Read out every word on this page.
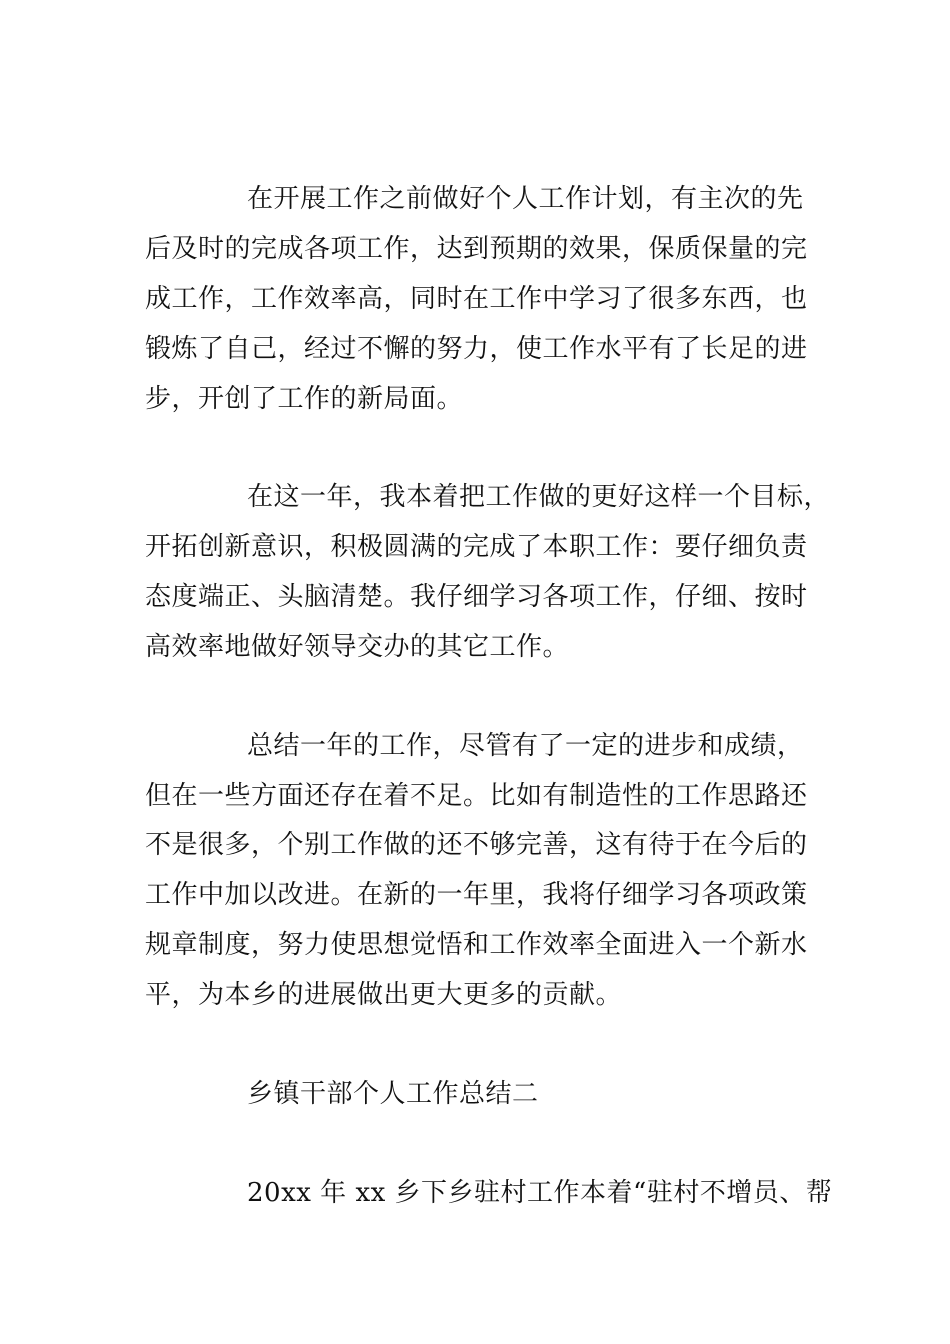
在开展工作之前做好个人工作计划，有主次的先
后及时的完成各项工作，达到预期的效果，保质保量的完
成工作，工作效率高，同时在工作中学习了很多东西，也
锻炼了自己，经过不懈的努力，使工作水平有了长足的进
步，开创了工作的新局面。
在这一年，我本着把工作做的更好这样一个目标，
开拓创新意识，积极圆满的完成了本职工作：要仔细负责
态度端正、头脑清楚。我仔细学习各项工作，仔细、按时
高效率地做好领导交办的其它工作。
总结一年的工作，尽管有了一定的进步和成绩，
但在一些方面还存在着不足。比如有制造性的工作思路还
不是很多，个别工作做的还不够完善，这有待于在今后的
工作中加以改进。在新的一年里，我将仔细学习各项政策
规章制度，努力使思想觉悟和工作效率全面进入一个新水
平，为本乡的进展做出更大更多的贡献。
乡镇干部个人工作总结二
20xx 年 xx 乡下乡驻村工作本着“驻村不增员、帮
